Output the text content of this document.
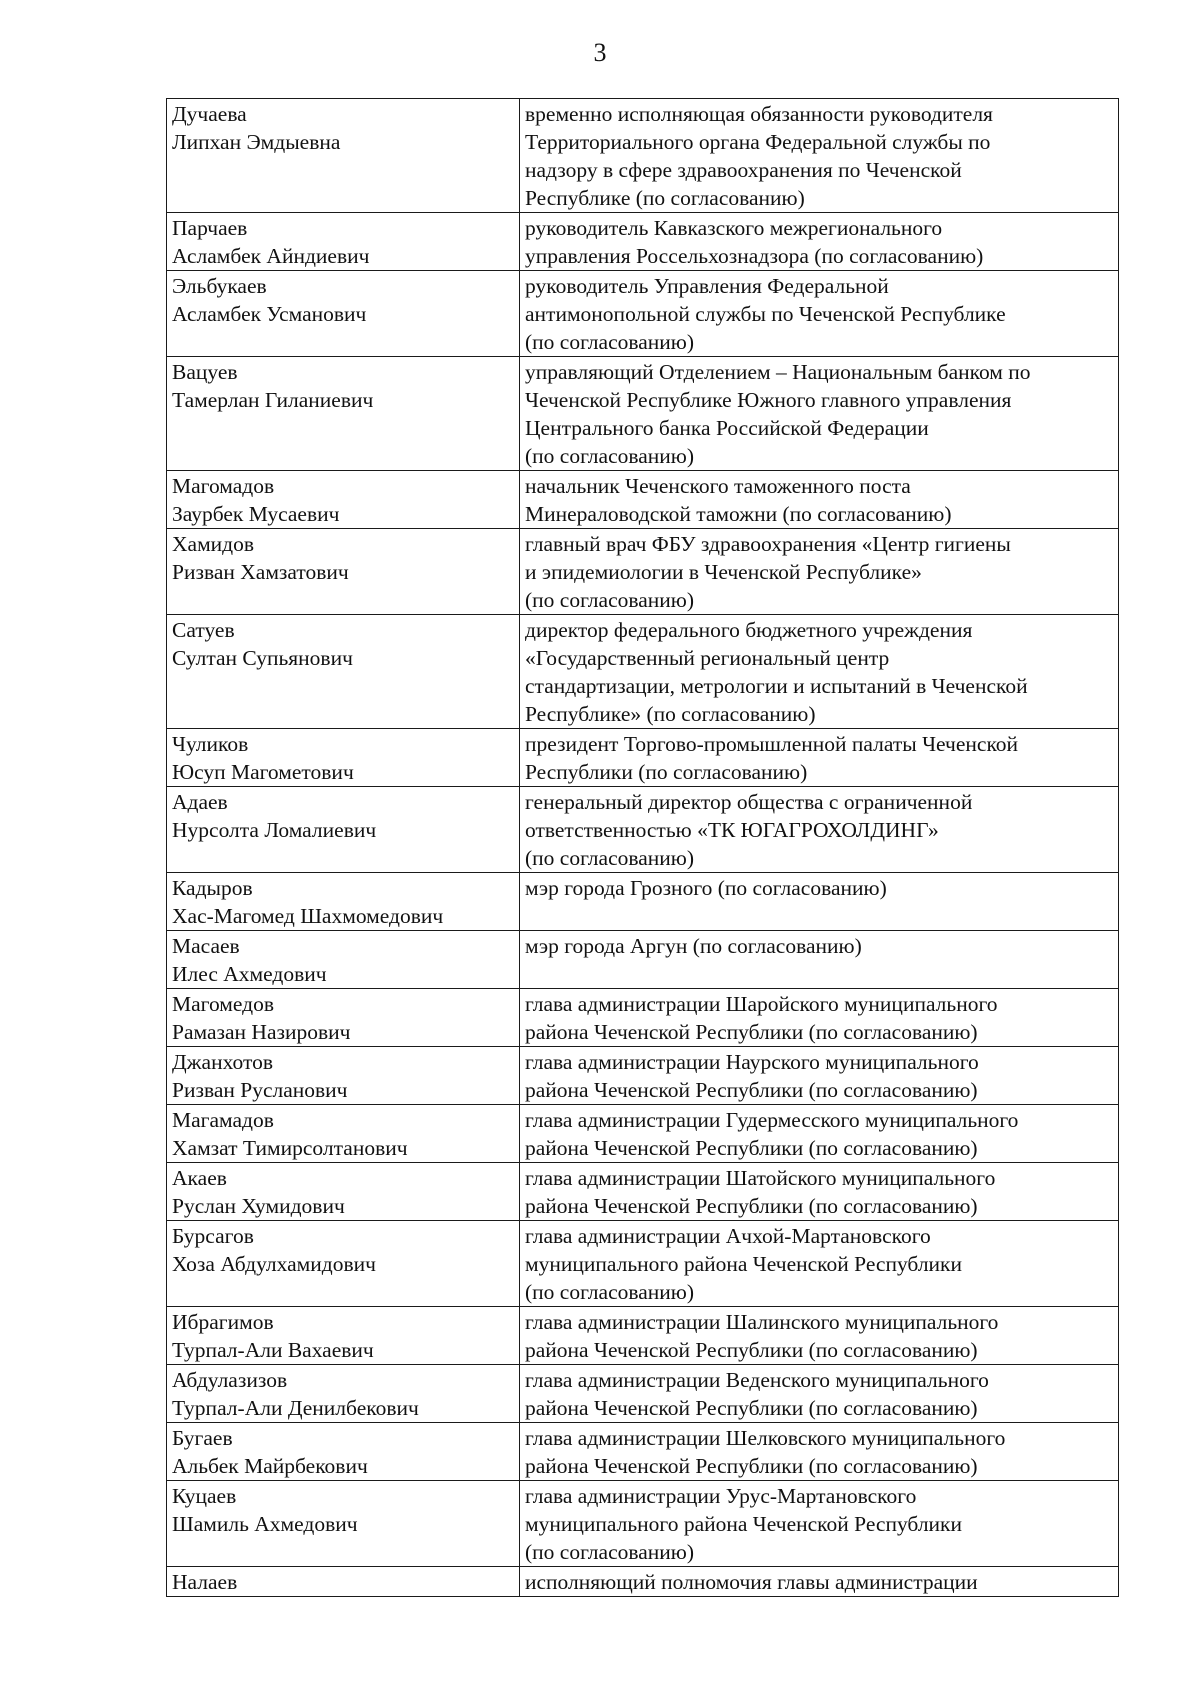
3
Дучаева
Липхан Эмдыевна	временно исполняющая обязанности руководителя
Территориального органа Федеральной службы по
надзору в сфере здравоохранения по Чеченской
Республике (по согласованию)

Парчаев
Асламбек Айндиевич	руководитель Кавказского межрегионального
управления Россельхознадзора (по согласованию)

Эльбукаев
Асламбек Усманович	руководитель Управления Федеральной
антимонопольной службы по Чеченской Республике
(по согласованию)

Вацуев
Тамерлан Гиланиевич	управляющий Отделением – Национальным банком по
Чеченской Республике Южного главного управления
Центрального банка Российской Федерации
(по согласованию)

Магомадов
Заурбек Мусаевич	начальник Чеченского таможенного поста
Минераловодской таможни (по согласованию)

Хамидов
Ризван Хамзатович	главный врач ФБУ здравоохранения «Центр гигиены
и эпидемиологии в Чеченской Республике»
(по согласованию)

Сатуев
Султан Супьянович	директор федерального бюджетного учреждения
«Государственный региональный центр
стандартизации, метрологии и испытаний в Чеченской
Республике» (по согласованию)

Чуликов
Юсуп Магометович	президент Торгово-промышленной палаты Чеченской
Республики (по согласованию)

Адаев
Нурсолта Ломалиевич	генеральный директор общества с ограниченной
ответственностью «ТК ЮГАГРОХОЛДИНГ»
(по согласованию)

Кадыров
Хас-Магомед Шахмомедович	мэр города Грозного (по согласованию)

Масаев
Илес Ахмедович	мэр города Аргун (по согласованию)

Магомедов
Рамазан Назирович	глава администрации Шаройского муниципального
района Чеченской Республики (по согласованию)

Джанхотов
Ризван Русланович	глава администрации Наурского муниципального
района Чеченской Республики (по согласованию)

Магамадов
Хамзат Тимирсолтанович	глава администрации Гудермесского муниципального
района Чеченской Республики (по согласованию)

Акаев
Руслан Хумидович	глава администрации Шатойского муниципального
района Чеченской Республики (по согласованию)

Бурсагов
Хоза Абдулхамидович	глава администрации Ачхой-Мартановского
муниципального района Чеченской Республики
(по согласованию)

Ибрагимов
Турпал-Али Вахаевич	глава администрации Шалинского муниципального
района Чеченской Республики (по согласованию)

Абдулазизов
Турпал-Али Денилбекович	глава администрации Веденского муниципального
района Чеченской Республики (по согласованию)

Бугаев
Альбек Майрбекович	глава администрации Шелковского муниципального
района Чеченской Республики (по согласованию)

Куцаев
Шамиль Ахмедович	глава администрации Урус-Мартановского
муниципального района Чеченской Республики
(по согласованию)

Налаев	исполняющий полномочия главы администрации
